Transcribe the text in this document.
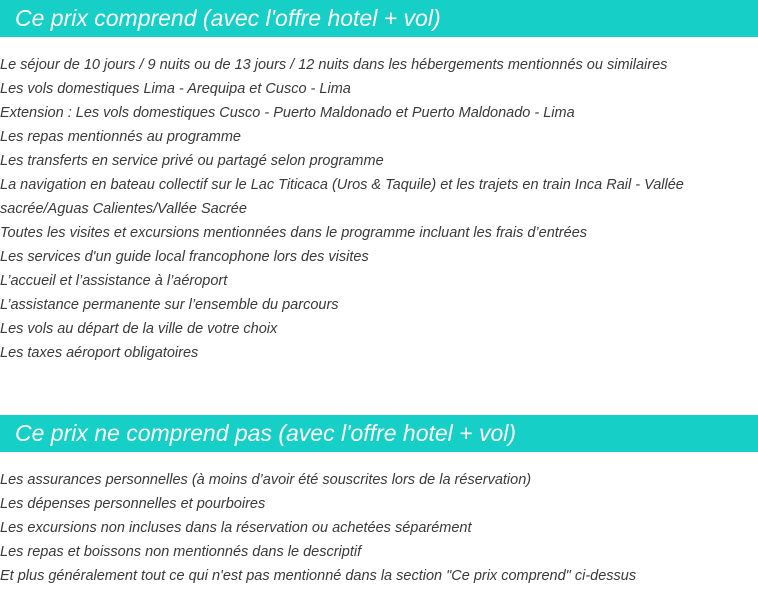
Ce prix comprend (avec l'offre hotel + vol)
Le séjour de 10 jours / 9 nuits ou de 13 jours / 12 nuits dans les hébergements mentionnés ou similaires
Les vols domestiques Lima - Arequipa et Cusco - Lima
Extension : Les vols domestiques Cusco - Puerto Maldonado et Puerto Maldonado - Lima
Les repas mentionnés au programme
Les transferts en service privé ou partagé selon programme
La navigation en bateau collectif sur le Lac Titicaca (Uros & Taquile) et les trajets en train Inca Rail - Vallée sacrée/Aguas Calientes/Vallée Sacrée
Toutes les visites et excursions mentionnées dans le programme incluant les frais d’entrées
Les services d'un guide local francophone lors des visites
L’accueil et l’assistance à l’aéroport
L’assistance permanente sur l’ensemble du parcours
Les vols au départ de la ville de votre choix
Les taxes aéroport obligatoires
Ce prix ne comprend pas (avec l'offre hotel + vol)
Les assurances personnelles (à moins d’avoir été souscrites lors de la réservation)
Les dépenses personnelles et pourboires
Les excursions non incluses dans la réservation ou achetées séparément
Les repas et boissons non mentionnés dans le descriptif
Et plus généralement tout ce qui n'est pas mentionné dans la section "Ce prix comprend" ci-dessus
